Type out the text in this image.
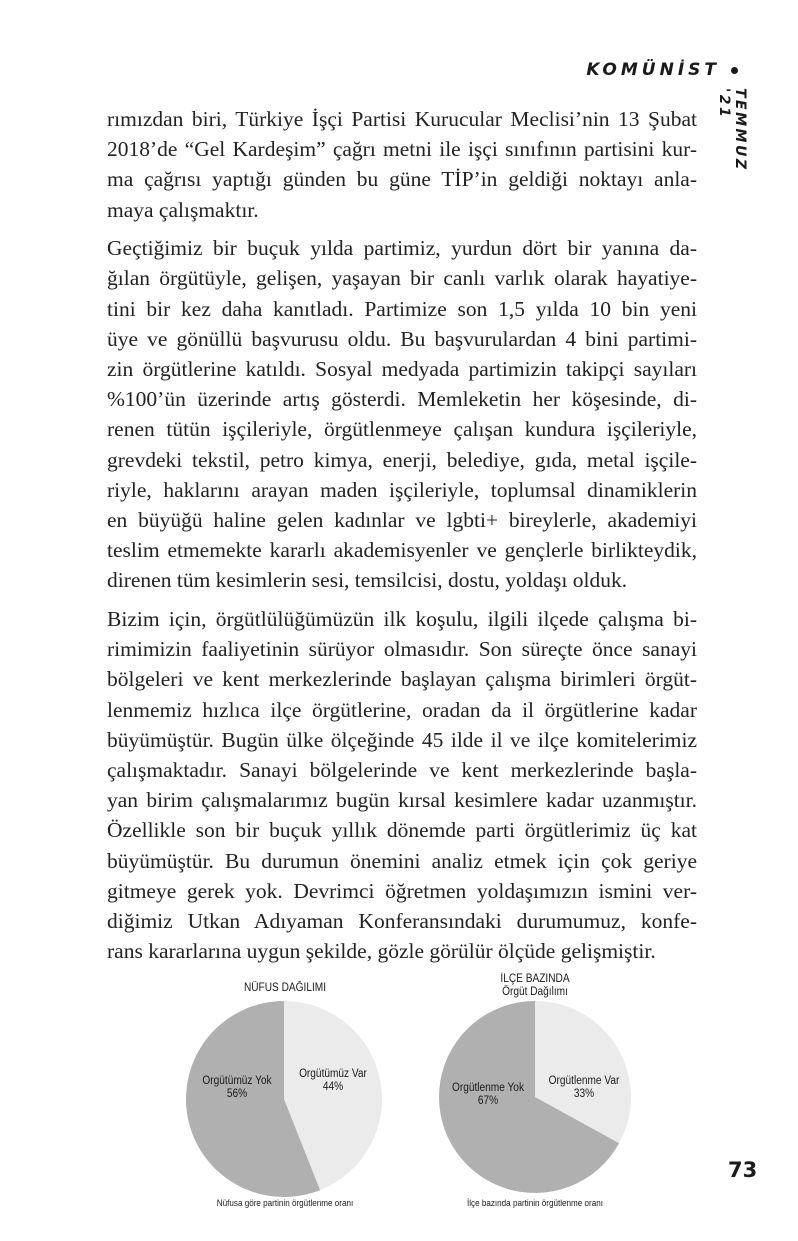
KOMÜNİST
TEMMUZ '21
rımızdan biri, Türkiye İşçi Partisi Kurucular Meclisi’nin 13 Şubat
2018’de “Gel Kardeşim” çağrı metni ile işçi sınıfının partisini kur-
ma çağrısı yaptığı günden bu güne TİP’in geldiği noktayı anla-
maya çalışmaktır.
Geçtiğimiz bir buçuk yılda partimiz, yurdun dört bir yanına da-
ğılan örgütüyle, gelişen, yaşayan bir canlı varlık olarak hayatiye-
tini bir kez daha kanıtladı. Partimize son 1,5 yılda 10 bin yeni
üye ve gönüllü başvurusu oldu. Bu başvurulardan 4 bini partimi-
zin örgütlerine katıldı. Sosyal medyada partimizin takipçi sayıları
%100’ün üzerinde artış gösterdi. Memleketin her köşesinde, di-
renen tütün işçileriyle, örgütlenmeye çalışan kundura işçileriyle,
grevdeki tekstil, petro kimya, enerji, belediye, gıda, metal işçile-
riyle, haklarını arayan maden işçileriyle, toplumsal dinamiklerin
en büyüğü haline gelen kadınlar ve lgbti+ bireylerle, akademiyi
teslim etmemekte kararlı akademisyenler ve gençlerle birlikteydik,
direnen tüm kesimlerin sesi, temsilcisi, dostu, yoldaşı olduk.
Bizim için, örgütlülüğümüzün ilk koşulu, ilgili ilçede çalışma bi-
rimimizin faaliyetinin sürüyor olmasıdır. Son süreçte önce sanayi
bölgeleri ve kent merkezlerinde başlayan çalışma birimleri örgüt-
lenmemiz hızlıca ilçe örgütlerine, oradan da il örgütlerine kadar
büyümüştür. Bugün ülke ölçeğinde 45 ilde il ve ilçe komitelerimiz
çalışmaktadır. Sanayi bölgelerinde ve kent merkezlerinde başla-
yan birim çalışmalarımız bugün kırsal kesimlere kadar uzanmıştır.
Özellikle son bir buçuk yıllık dönemde parti örgütlerimiz üç kat
büyümüştür. Bu durumun önemini analiz etmek için çok geriye
gitmeye gerek yok. Devrimci öğretmen yoldaşımızın ismini ver-
diğimiz Utkan Adıyaman Konferansındaki durumumuz, konfe-
rans kararlarına uygun şekilde, gözle görülür ölçüde gelişmiştir.
NÜFUS DAĞILIMI
Örgütümüz Yok
56%
Örgütümüz Var
44%
Nüfusa göre partinin örgütlenme oranı
İLÇE BAZINDA
Örgüt Dağılımı
Örgütlenme Yok
67%
Örgütlenme Var
33%
İlçe bazında partinin örgütlenme oranı
73
